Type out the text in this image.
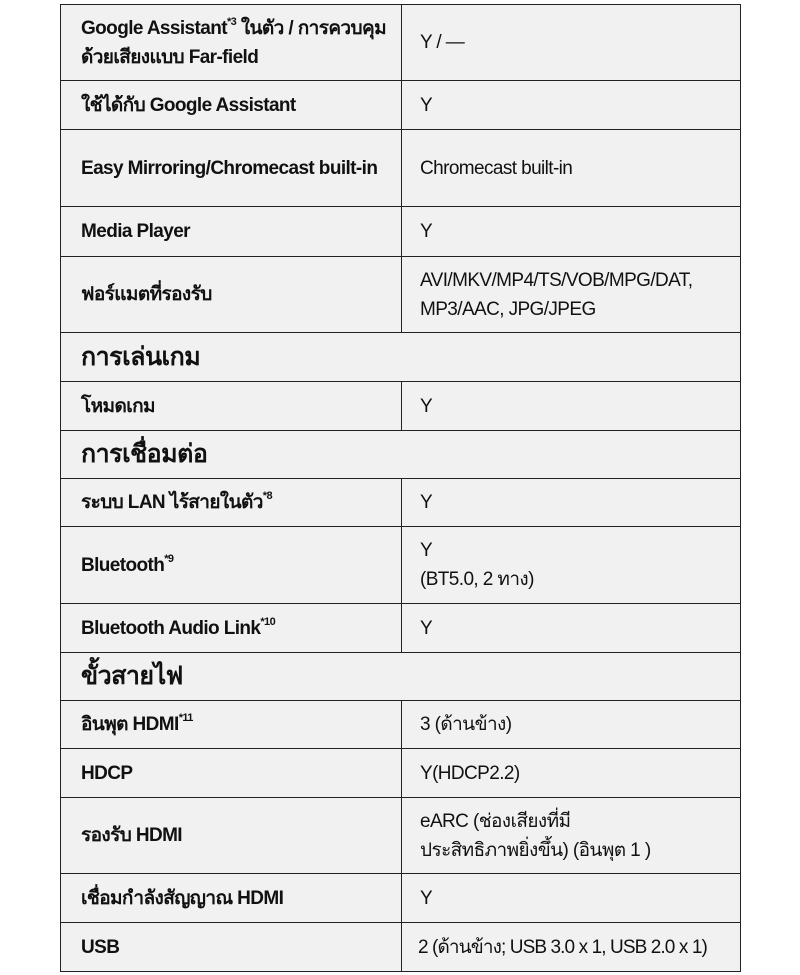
Google Assistant$^{*3}$ ในตัว / การควบคุมด้วยเสียงแบบ Far-field	Y / —
ใช้ได้กับ Google Assistant	Y
Easy Mirroring/Chromecast built-in	Chromecast built-in
Media Player	Y
ฟอร์แมตที่รองรับ	AVI/MKV/MP4/TS/VOB/MPG/DAT, MP3/AAC, JPG/JPEG
การเล่นเกม	
โหมดเกม	Y
การเชื่อมต่อ	
ระบบ LAN ไร้สายในตัว$^{*8}$	Y
Bluetooth$^{*9}$	Y
(BT5.0, 2 ทาง)

Bluetooth Audio Link$^{*10}$	Y
ขั้วสายไฟ	
อินพุต HDMI$^{*11}$	3 (ด้านข้าง)
HDCP	Y(HDCP2.2)
รองรับ HDMI	eARC (ช่องเสียงที่มี
ประสิทธิภาพยิ่งขึ้น) (อินพุต 1 )

เชื่อมกำลังสัญญาณ HDMI	Y
USB	2 (ด้านข้าง; USB 3.0 x 1, USB 2.0 x 1)
